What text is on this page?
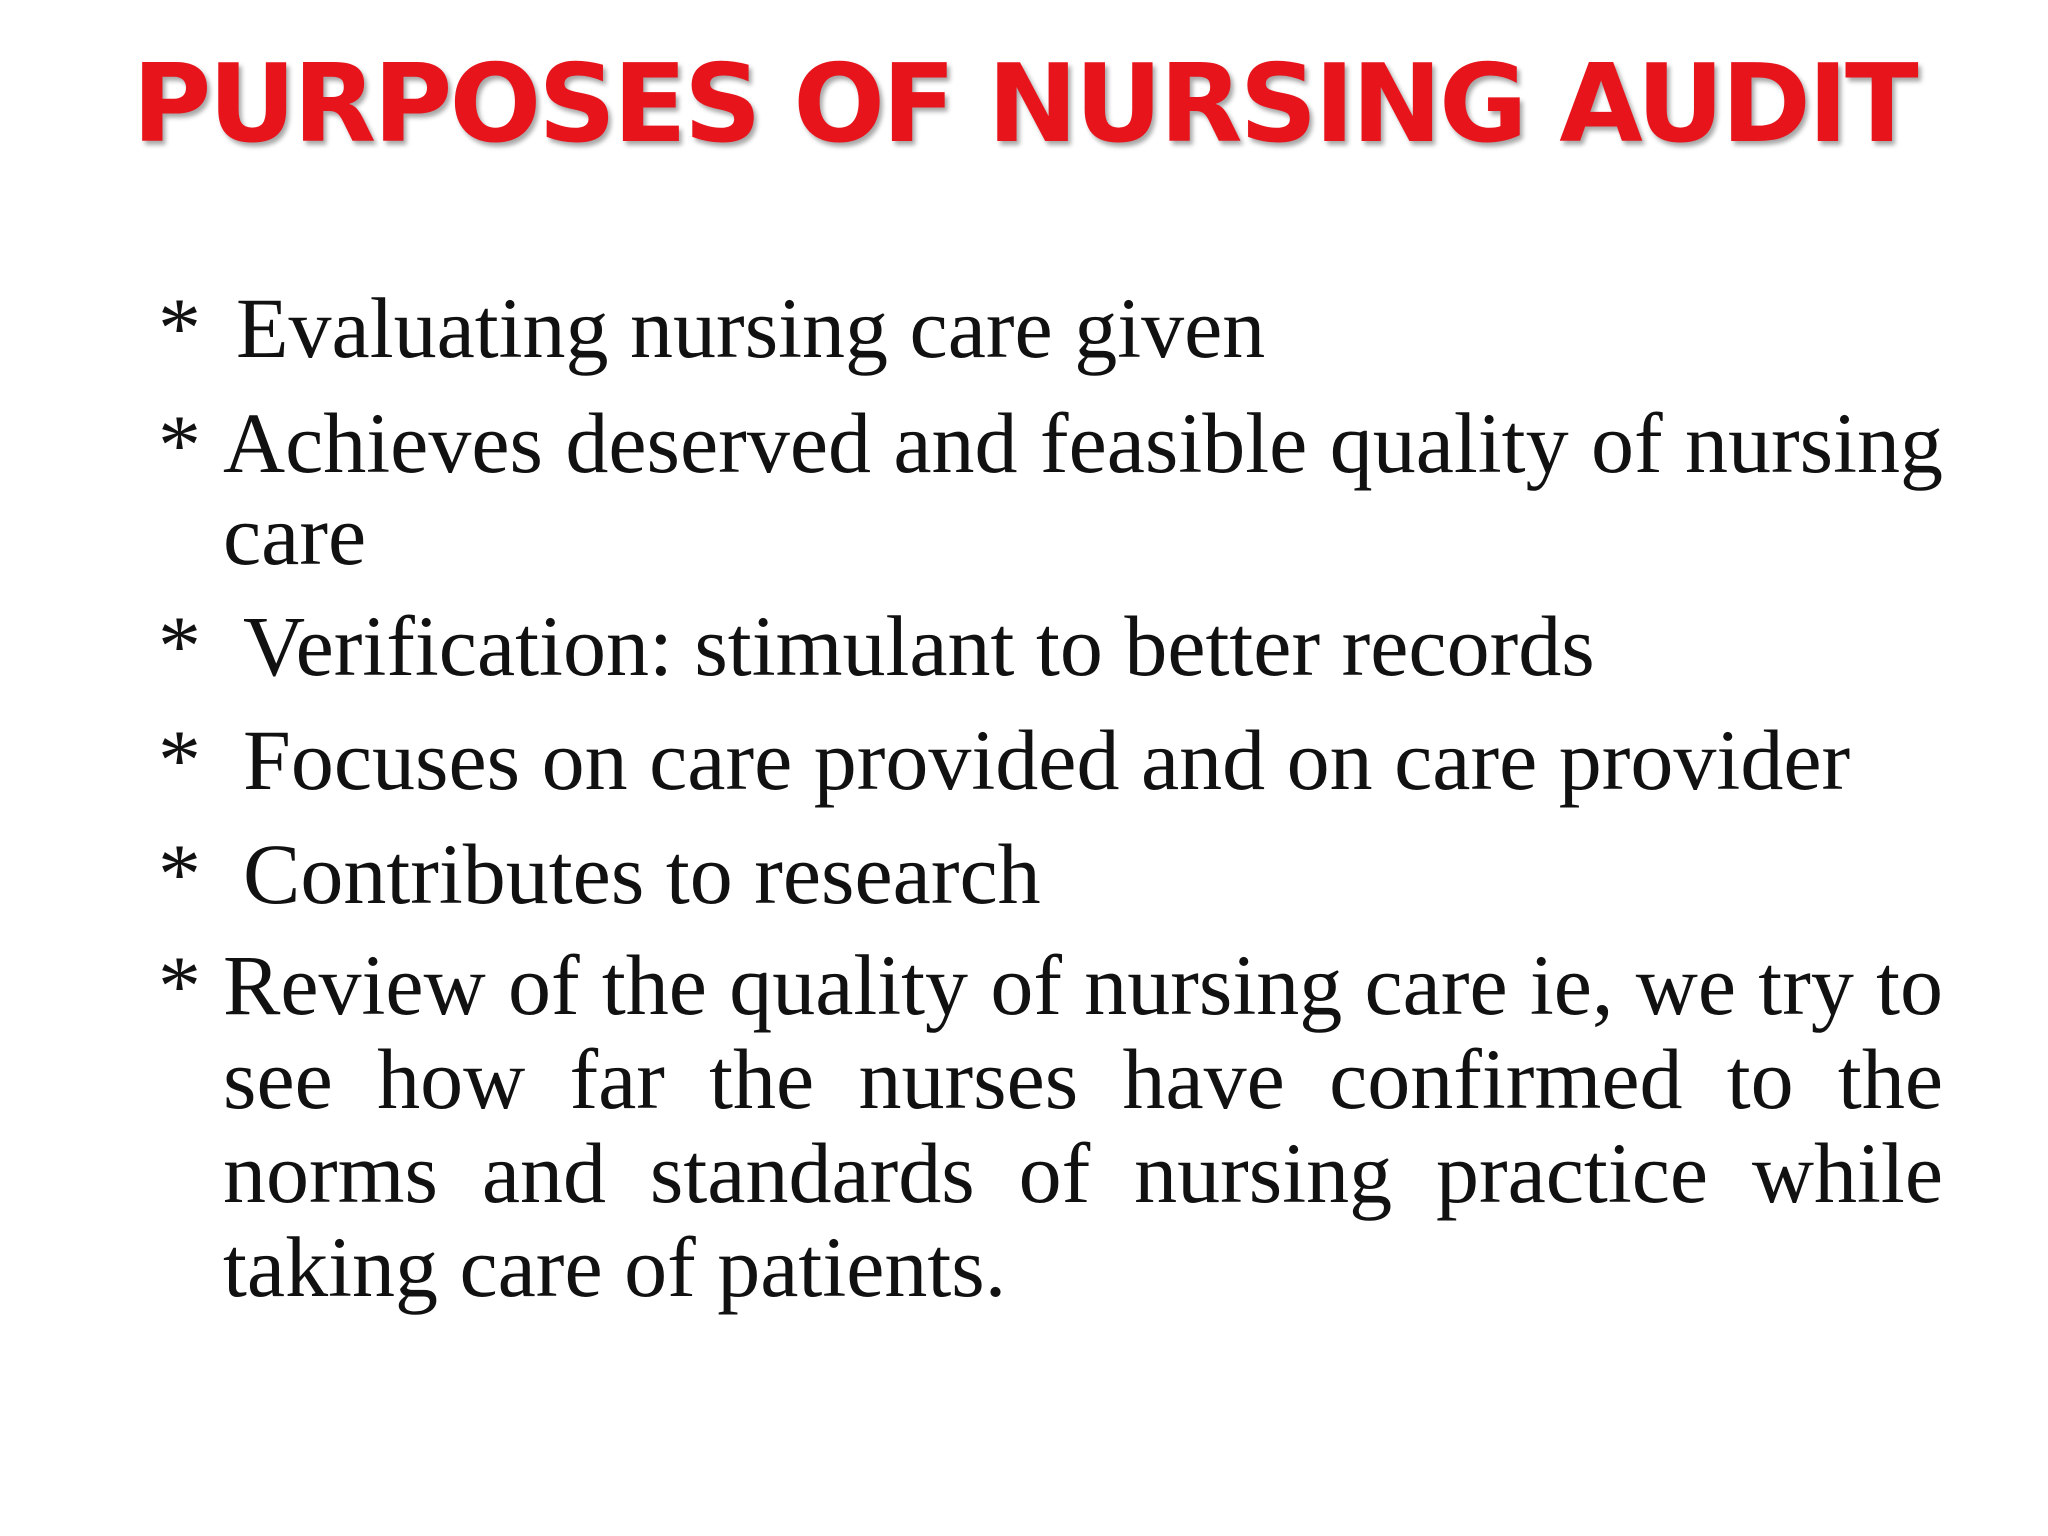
PURPOSES OF NURSING AUDIT
* Evaluating nursing care given
* Achieves deserved and feasible quality of nursing care
* Verification: stimulant to better records
* Focuses on care provided and on care provider
* Contributes to research
* Review of the quality of nursing care ie, we try to see how far the nurses have confirmed to the norms and standards of nursing practice while taking care of patients.
